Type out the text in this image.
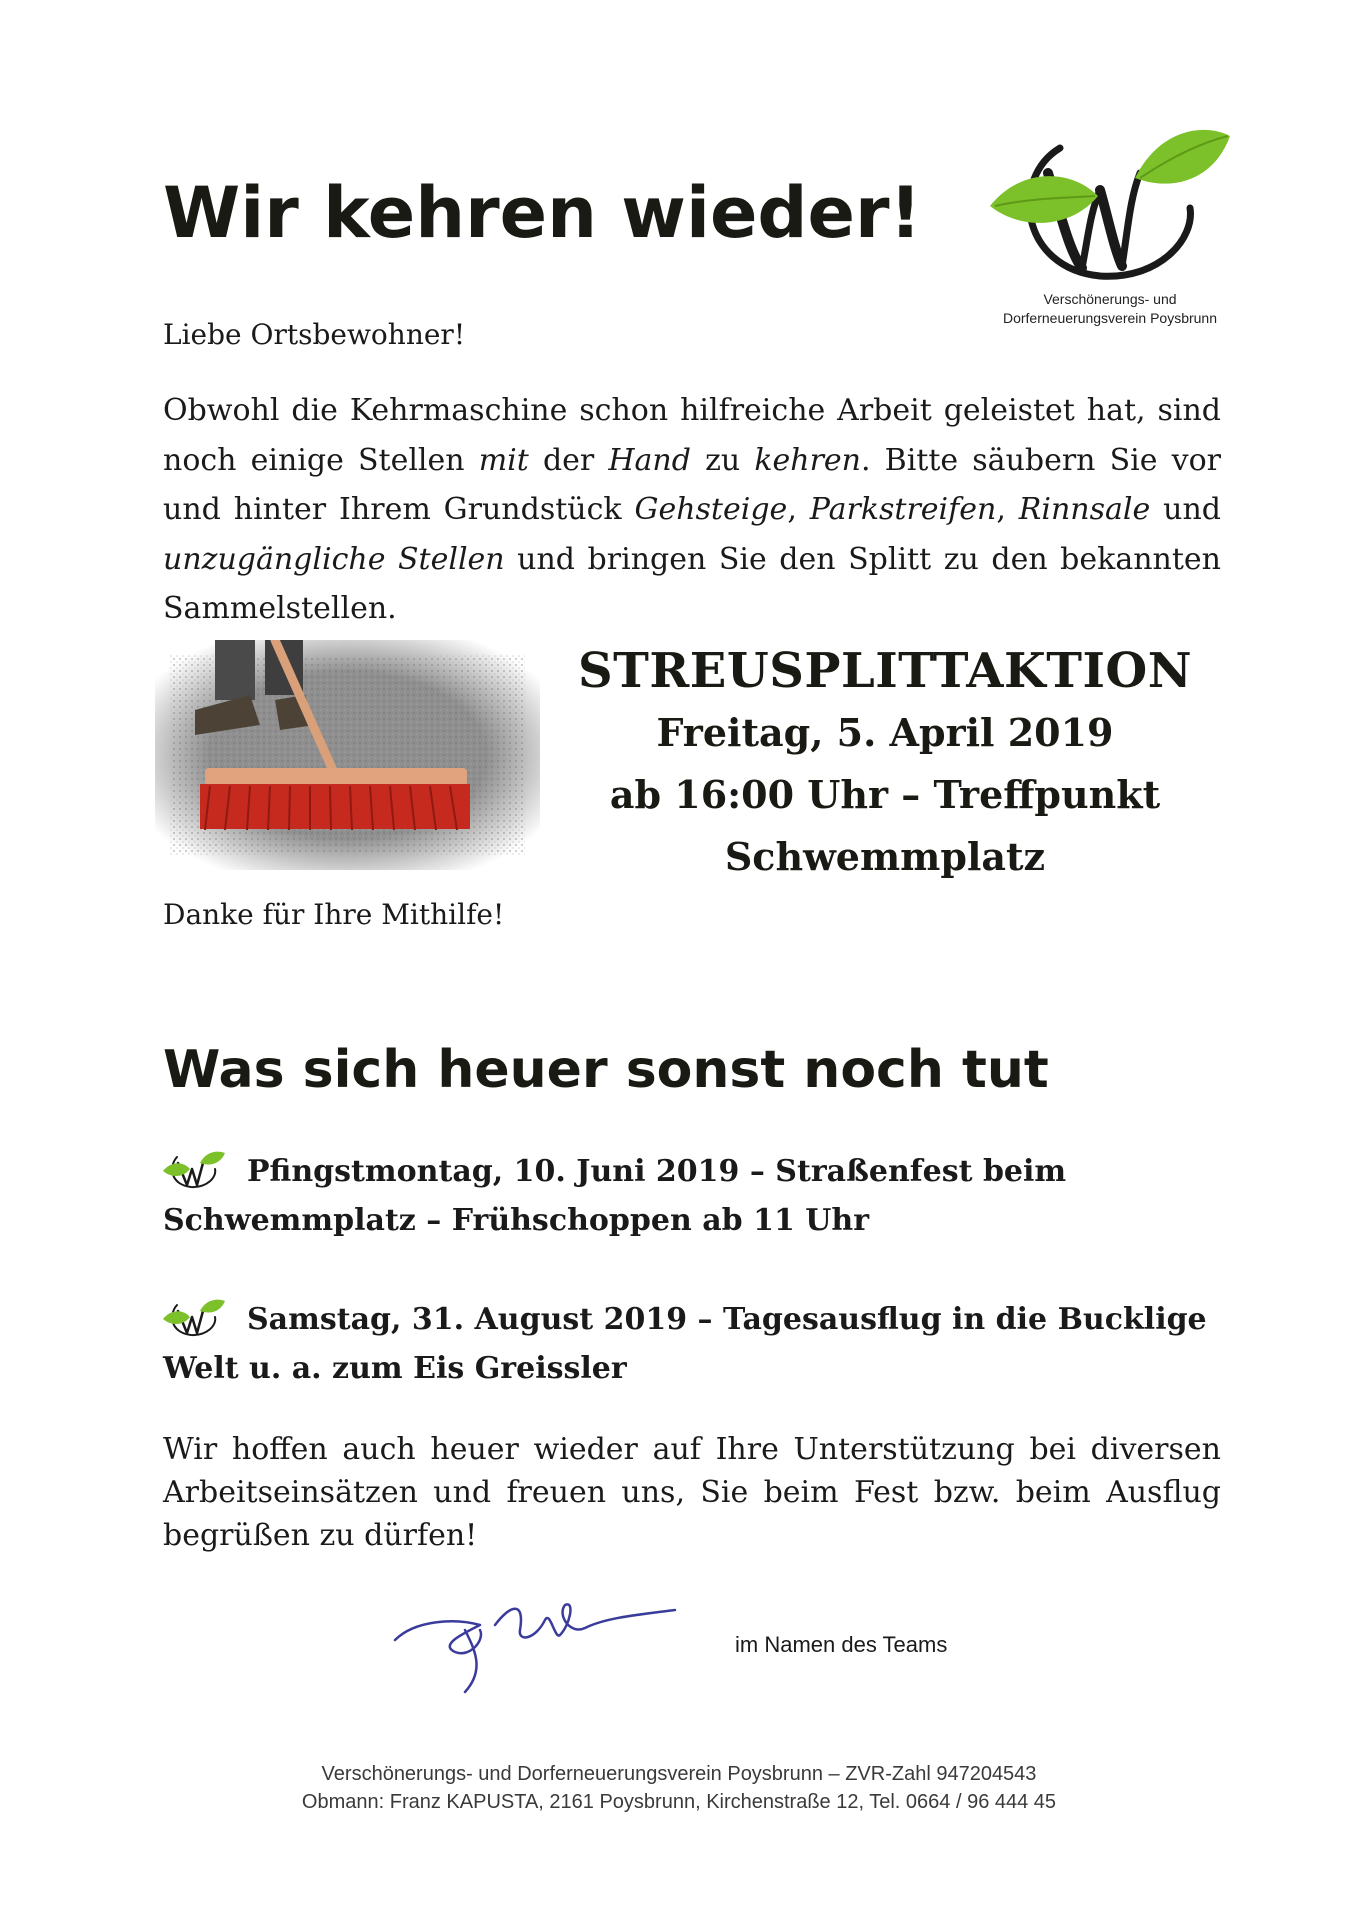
Wir kehren wieder!
Verschönerungs- und
Dorferneuerungsverein Poysbrunn
Liebe Ortsbewohner!

Obwohl die Kehrmaschine schon hilfreiche Arbeit geleistet hat, sind noch einige Stellen mit der Hand zu kehren. Bitte säubern Sie vor und hinter Ihrem Grundstück Gehsteige, Parkstreifen, Rinnsale und unzugängliche Stellen und bringen Sie den Splitt zu den bekannten Sammelstellen.

STREUSPLITTAKTION
Freitag, 5. April 2019
ab 16:00 Uhr – Treffpunkt
Schwemmplatz
Danke für Ihre Mithilfe!
Was sich heuer sonst noch tut
Pfingstmontag, 10. Juni 2019 – Straßenfest beim Schwemmplatz – Frühschoppen ab 11 Uhr
Samstag, 31. August 2019 – Tagesausflug in die Bucklige Welt u. a. zum Eis Greissler

Wir hoffen auch heuer wieder auf Ihre Unterstützung bei diversen Arbeitseinsätzen und freuen uns, Sie beim Fest bzw. beim Ausflug begrüßen zu dürfen!

im Namen des Teams
Verschönerungs- und Dorferneuerungsverein Poysbrunn – ZVR-Zahl 947204543
Obmann: Franz KAPUSTA, 2161 Poysbrunn, Kirchenstraße 12, Tel. 0664 / 96 444 45
